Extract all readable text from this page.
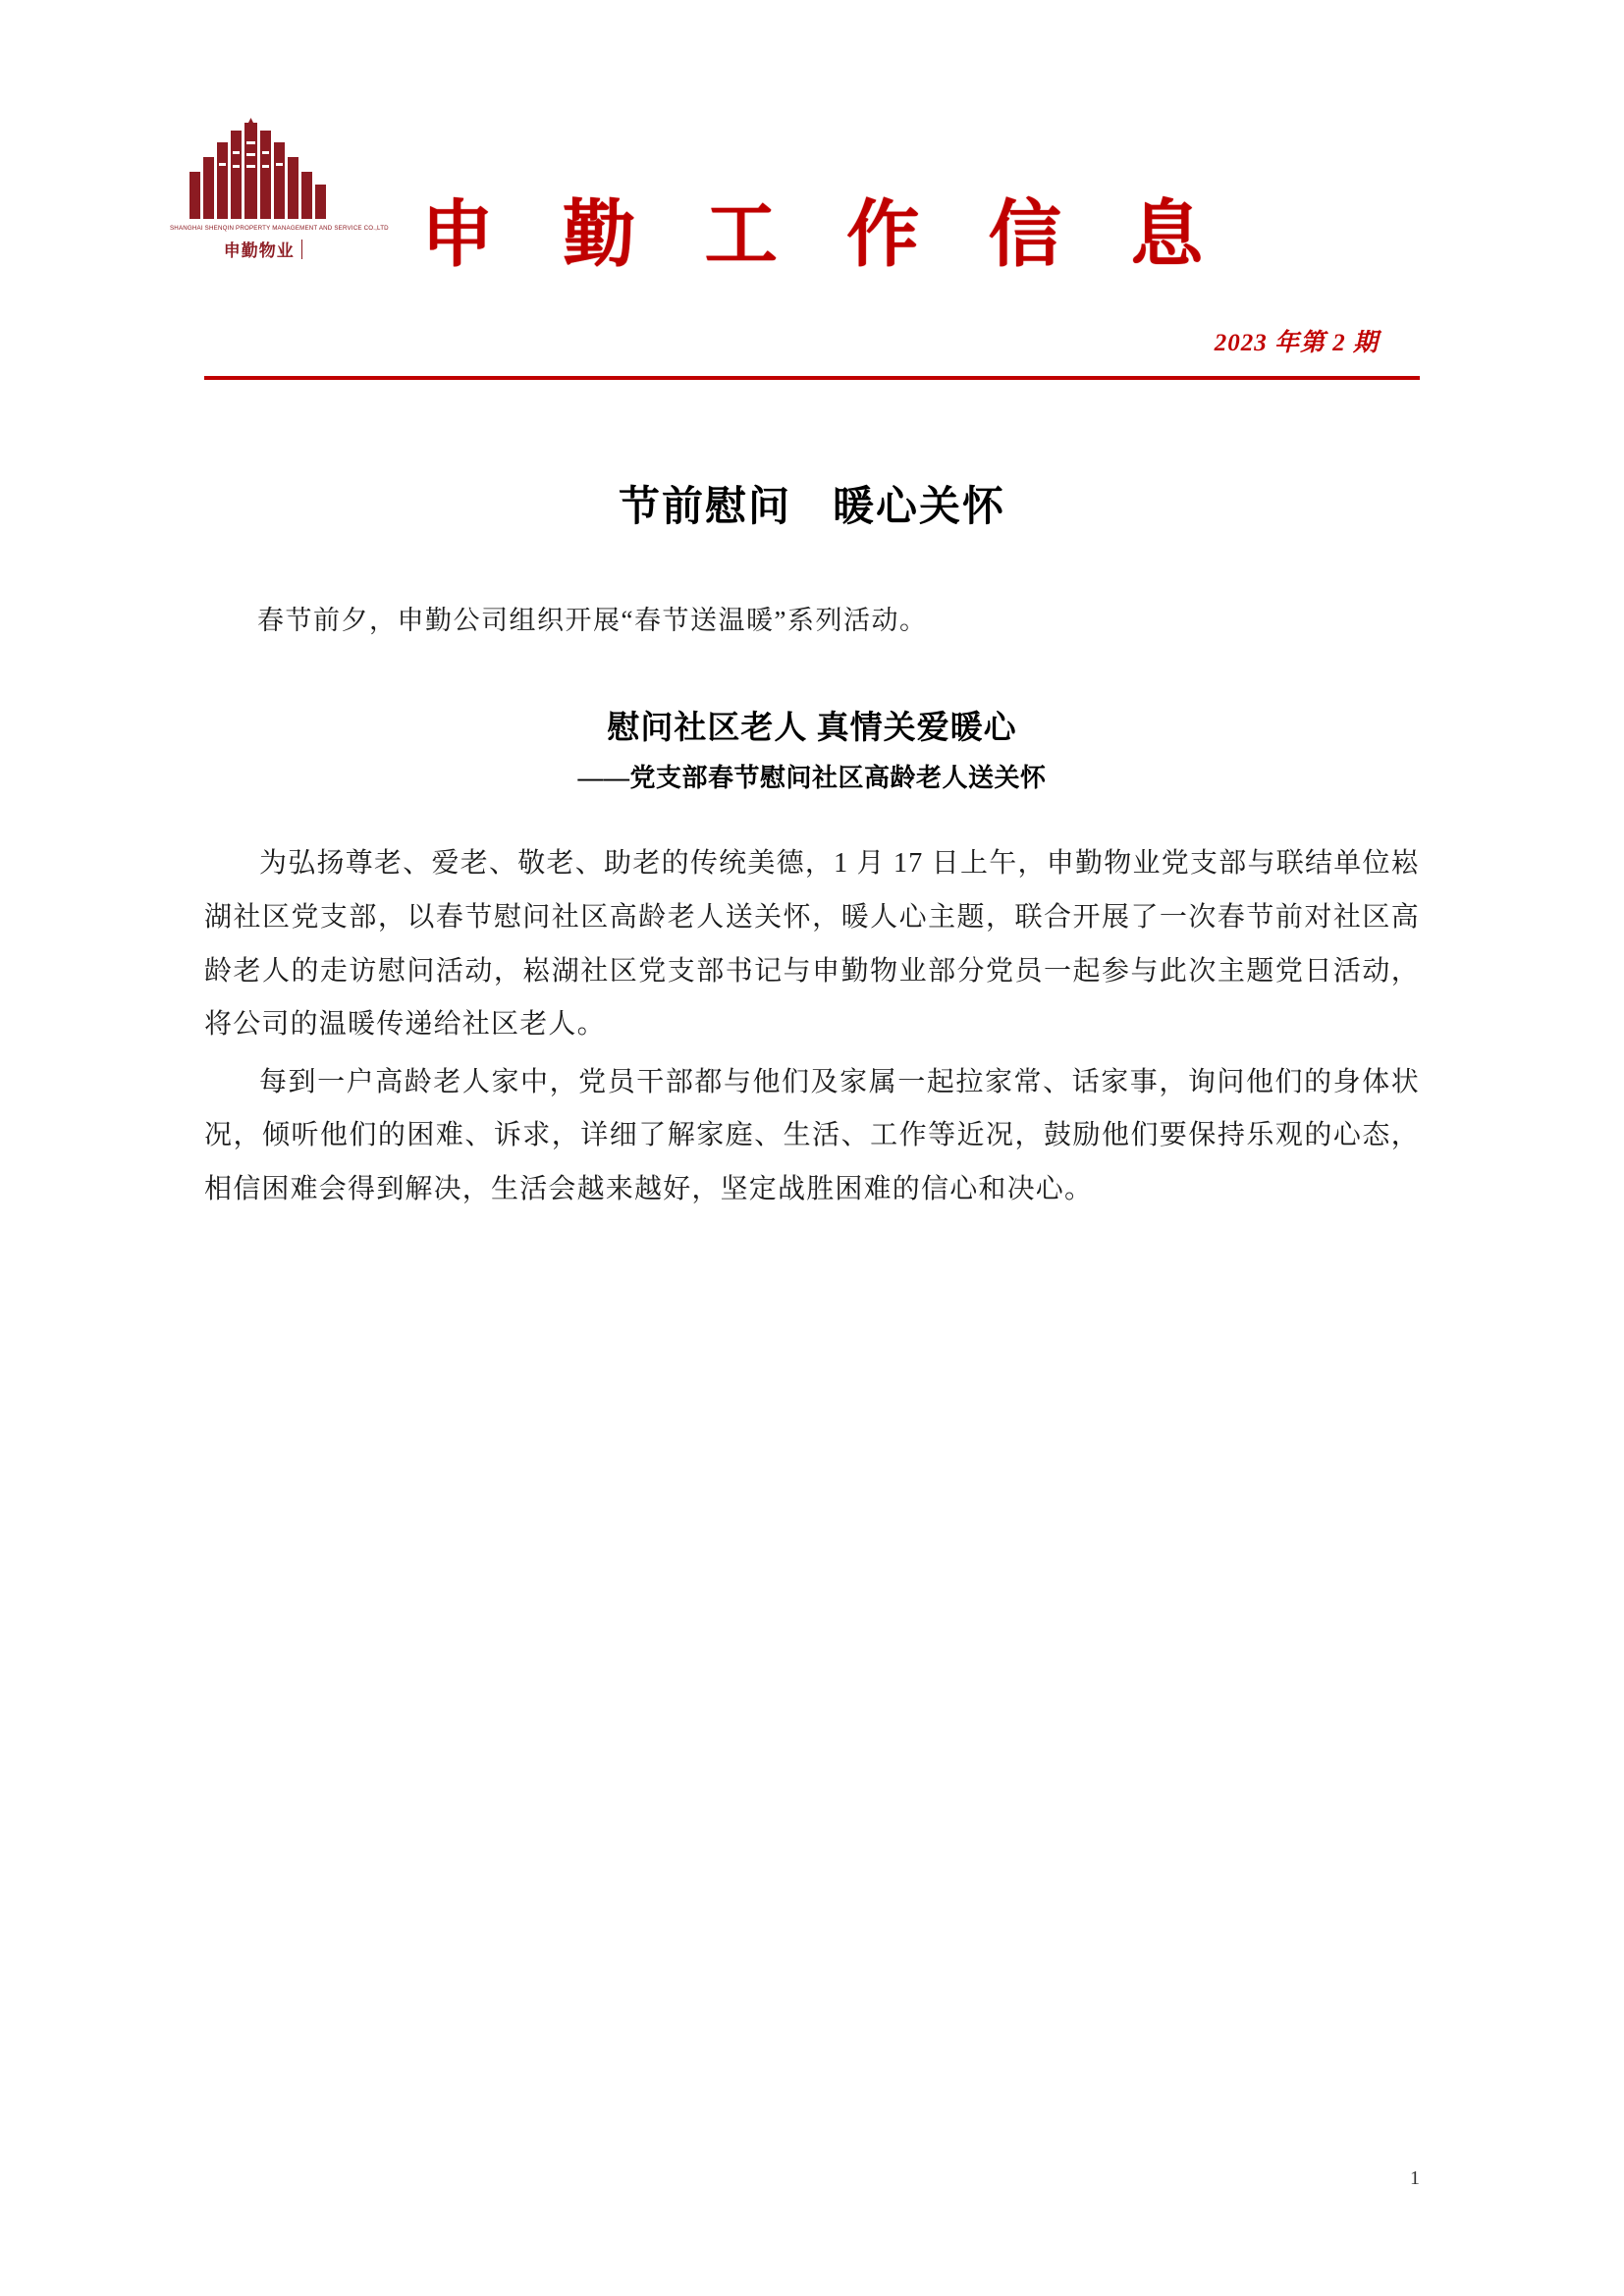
SHANGHAI SHENQIN PROPERTY MANAGEMENT AND SERVICE CO.,LTD
申勤物业	申 勤 工 作 信 息
2023 年第 2 期
节前慰问 暖心关怀

春节前夕，申勤公司组织开展“春节送温暖”系列活动。

慰问社区老人 真情关爱暖心
——党支部春节慰问社区高龄老人送关怀

为弘扬尊老、爱老、敬老、助老的传统美德，1 月 17 日上午，申勤物业党支部与联结单位崧湖社区党支部，以春节慰问社区高龄老人送关怀，暖人心主题，联合开展了一次春节前对社区高龄老人的走访慰问活动，崧湖社区党支部书记与申勤物业部分党员一起参与此次主题党日活动，将公司的温暖传递给社区老人。

每到一户高龄老人家中，党员干部都与他们及家属一起拉家常、话家事，询问他们的身体状况，倾听他们的困难、诉求，详细了解家庭、生活、工作等近况，鼓励他们要保持乐观的心态，相信困难会得到解决，生活会越来越好，坚定战胜困难的信心和决心。

1
